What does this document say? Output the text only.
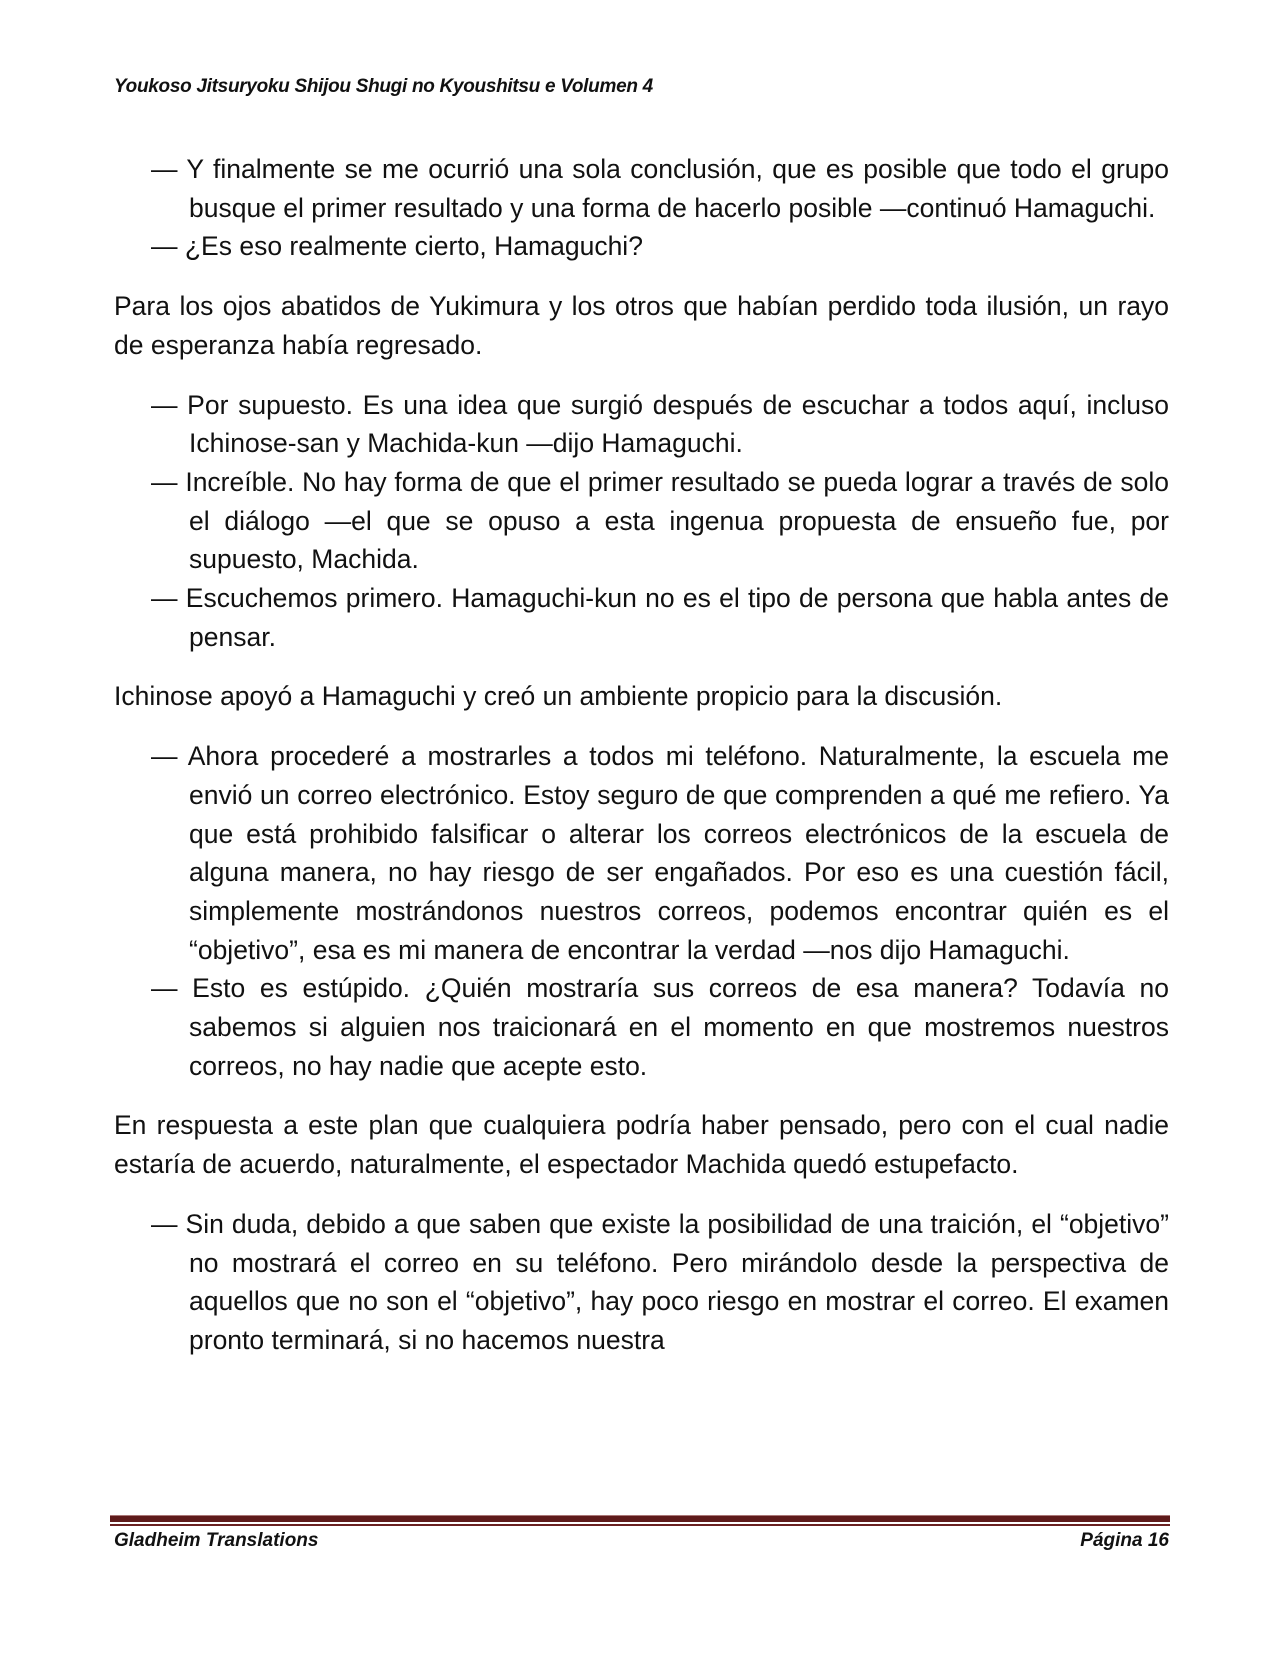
Youkoso Jitsuryoku Shijou Shugi no Kyoushitsu e Volumen 4

— Y finalmente se me ocurrió una sola conclusión, que es posible que todo el grupo busque el primer resultado y una forma de hacerlo posible —continuó Hamaguchi.

— ¿Es eso realmente cierto, Hamaguchi?

Para los ojos abatidos de Yukimura y los otros que habían perdido toda ilusión, un rayo de esperanza había regresado.

— Por supuesto. Es una idea que surgió después de escuchar a todos aquí, incluso Ichinose-san y Machida-kun —dijo Hamaguchi.

— Increíble. No hay forma de que el primer resultado se pueda lograr a través de solo el diálogo —el que se opuso a esta ingenua propuesta de ensueño fue, por supuesto, Machida.

— Escuchemos primero. Hamaguchi-kun no es el tipo de persona que habla antes de pensar.

Ichinose apoyó a Hamaguchi y creó un ambiente propicio para la discusión.

— Ahora procederé a mostrarles a todos mi teléfono. Naturalmente, la escuela me envió un correo electrónico. Estoy seguro de que comprenden a qué me refiero. Ya que está prohibido falsificar o alterar los correos electrónicos de la escuela de alguna manera, no hay riesgo de ser engañados. Por eso es una cuestión fácil, simplemente mostrándonos nuestros correos, podemos encontrar quién es el “objetivo”, esa es mi manera de encontrar la verdad —nos dijo Hamaguchi.

— Esto es estúpido. ¿Quién mostraría sus correos de esa manera? Todavía no sabemos si alguien nos traicionará en el momento en que mostremos nuestros correos, no hay nadie que acepte esto.

En respuesta a este plan que cualquiera podría haber pensado, pero con el cual nadie estaría de acuerdo, naturalmente, el espectador Machida quedó estupefacto.

— Sin duda, debido a que saben que existe la posibilidad de una traición, el “objetivo” no mostrará el correo en su teléfono. Pero mirándolo desde la perspectiva de aquellos que no son el “objetivo”, hay poco riesgo en mostrar el correo. El examen pronto terminará, si no hacemos nuestra

Gladheim Translations	Página 16
